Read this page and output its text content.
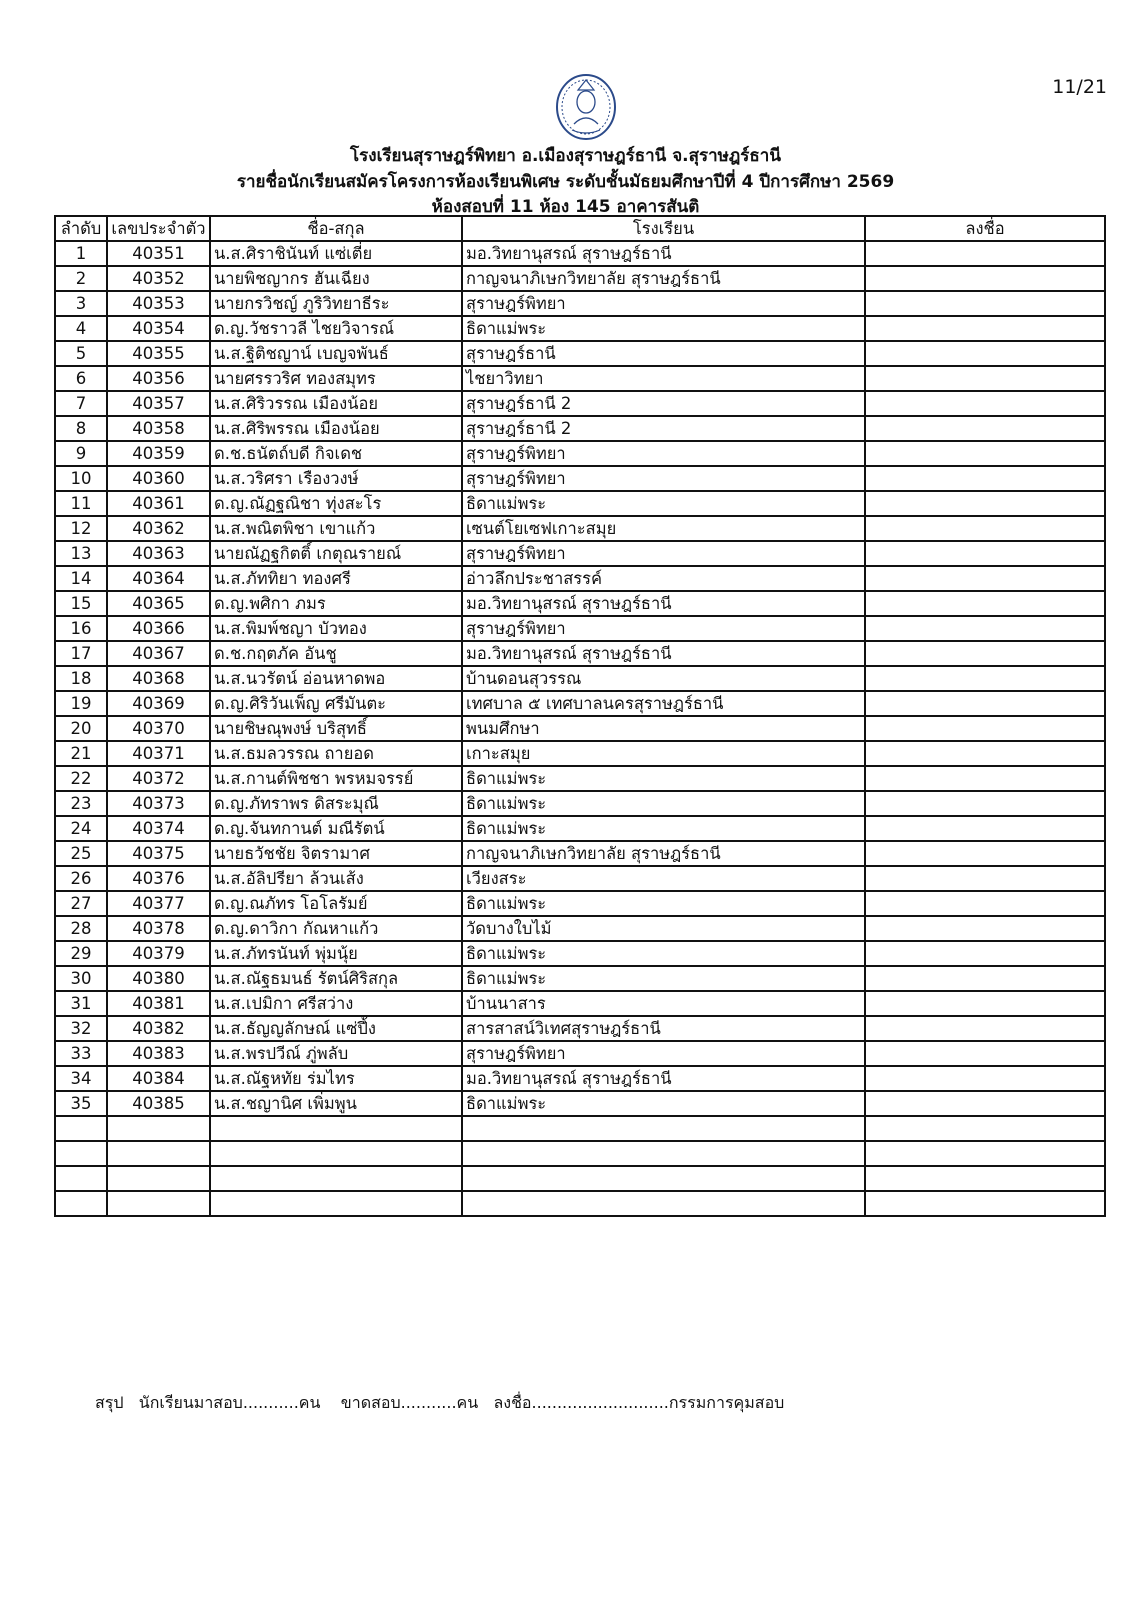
11/21
โรงเรียนสุราษฎร์พิทยา อ.เมืองสุราษฎร์ธานี จ.สุราษฎร์ธานี
รายชื่อนักเรียนสมัครโครงการห้องเรียนพิเศษ ระดับชั้นมัธยมศึกษาปีที่ 4 ปีการศึกษา 2569
ห้องสอบที่ 11 ห้อง 145 อาคารสันติ
ลำดับ	เลขประจำตัว	ชื่อ-สกุล	โรงเรียน	ลงชื่อ
1	40351	น.ส.ศิราชินันท์ แซ่เตี่ย	มอ.วิทยานุสรณ์ สุราษฎร์ธานี	
2	40352	นายพิชญากร ฮันเฉียง	กาญจนาภิเษกวิทยาลัย สุราษฎร์ธานี	
3	40353	นายกรวิชญ์ ภูริวิทยาธีระ	สุราษฎร์พิทยา	
4	40354	ด.ญ.วัชราวลี ไชยวิจารณ์	ธิดาแม่พระ	
5	40355	น.ส.ฐิติชญาน์ เบญจพันธ์	สุราษฎร์ธานี	
6	40356	นายศรรวริศ ทองสมุทร	ไชยาวิทยา	
7	40357	น.ส.ศิริวรรณ เมืองน้อย	สุราษฎร์ธานี 2	
8	40358	น.ส.ศิริพรรณ เมืองน้อย	สุราษฎร์ธานี 2	
9	40359	ด.ช.ธนัตถ์บดี กิจเดช	สุราษฎร์พิทยา	
10	40360	น.ส.วริศรา เรืองวงษ์	สุราษฎร์พิทยา	
11	40361	ด.ญ.ณัฏฐณิชา ทุ่งสะโร	ธิดาแม่พระ	
12	40362	น.ส.พณิตพิชา เขาแก้ว	เซนต์โยเซฟเกาะสมุย	
13	40363	นายณัฏฐกิตติ์ เกตุณรายณ์	สุราษฎร์พิทยา	
14	40364	น.ส.ภัททิยา ทองศรี	อ่าวลึกประชาสรรค์	
15	40365	ด.ญ.พศิกา ภมร	มอ.วิทยานุสรณ์ สุราษฎร์ธานี	
16	40366	น.ส.พิมพ์ชญา บัวทอง	สุราษฎร์พิทยา	
17	40367	ด.ช.กฤตภัค อันชู	มอ.วิทยานุสรณ์ สุราษฎร์ธานี	
18	40368	น.ส.นวรัตน์ อ่อนหาดพอ	บ้านดอนสุวรรณ	
19	40369	ด.ญ.ศิริวันเพ็ญ ศรีมันตะ	เทศบาล ๕ เทศบาลนครสุราษฎร์ธานี	
20	40370	นายชิษณุพงษ์ บริสุทธิ์	พนมศึกษา	
21	40371	น.ส.ธมลวรรณ ถายอด	เกาะสมุย	
22	40372	น.ส.กานต์พิชชา พรหมจรรย์	ธิดาแม่พระ	
23	40373	ด.ญ.ภัทราพร ดิสระมุณี	ธิดาแม่พระ	
24	40374	ด.ญ.จันทกานต์ มณีรัตน์	ธิดาแม่พระ	
25	40375	นายธวัชชัย จิตรามาศ	กาญจนาภิเษกวิทยาลัย สุราษฎร์ธานี	
26	40376	น.ส.อัลิปรียา ล้วนเส้ง	เวียงสระ	
27	40377	ด.ญ.ณภัทร โอโลรัมย์	ธิดาแม่พระ	
28	40378	ด.ญ.ดาวิกา กัณหาแก้ว	วัดบางใบไม้	
29	40379	น.ส.ภัทรนันท์ พุ่มนุ้ย	ธิดาแม่พระ	
30	40380	น.ส.ณัฐธมนธ์ รัตน์ศิริสกุล	ธิดาแม่พระ	
31	40381	น.ส.เปมิกา ศรีสว่าง	บ้านนาสาร	
32	40382	น.ส.ธัญญลักษณ์ แซ่ปึ้ง	สารสาสน์วิเทศสุราษฎร์ธานี	
33	40383	น.ส.พรปวีณ์ ภู่พลับ	สุราษฎร์พิทยา	
34	40384	น.ส.ณัฐหทัย ร่มไทร	มอ.วิทยานุสรณ์ สุราษฎร์ธานี	
35	40385	น.ส.ชญานิศ เพิ่มพูน	ธิดาแม่พระ	

สรุป   นักเรียนมาสอบ...........คน    ขาดสอบ...........คน   ลงชื่อ...........................กรรมการคุมสอบ
